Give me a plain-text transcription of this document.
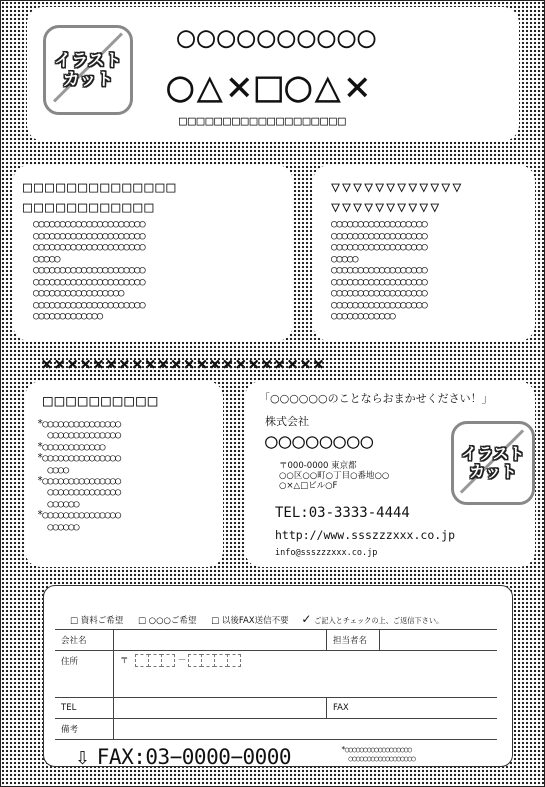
イラスト
カット
○○○○○○○○○○
○△×□○△×
□□□□□□□□□□□□□□□□□□□
□□□□□□□□□□□□□□
□□□□□□□□□□□□
○○○○○○○○○○○○○○○○○○○○○
○○○○○○○○○○○○○○○○○○○○○
○○○○○○○○○○○○○○○○○○○○○
○○○○○
○○○○○○○○○○○○○○○○○○○○○
○○○○○○○○○○○○○○○○○○○○○
○○○○○○○○○○○○○○○○○
○○○○○○○○○○○○○○○○○○○○○
○○○○○○○○○○○○○
▽▽▽▽▽▽▽▽▽▽▽▽
▽▽▽▽▽▽▽▽▽▽
○○○○○○○○○○○○○○○○○○
○○○○○○○○○○○○○○○○○○
○○○○○○○○○○○○○○○○○○
○○○○○
○○○○○○○○○○○○○○○○○○
○○○○○○○○○○○○○○○○○○
○○○○○○○○○○○○○○○○○○
○○○○○○○○○○○○○○○○○○
○○○○○○○○○○○○
××××××××××××××××××××××
□□□□□□□□□□
*○○○○○○○○○○○○○○○
○○○○○○○○○○○○○○
*○○○○○○○○○○○○
*○○○○○○○○○○○○○○○
○○○○
*○○○○○○○○○○○○○○○
○○○○○○○○○○○○○○
○○○○○○
*○○○○○○○○○○○○○○○
○○○○○○
「○○○○○○のことならおまかせください！」
株式会社
○○○○○○○○
〒000-0000 東京都
○○区○○町○丁目○番地○○
○×△□ビル○F
TEL:03-3333-4444
http://www.ssszzzxxx.co.jp
info@ssszzzxxx.co.jp
イラスト
カット
□ 資料ご希望 □ ○○○ご希望 □ 以後FAX送信不要 ✓ ご記入とチェックの上、ご返信下さい。
会社名		担当者名	
住所	〒 －		
TEL		FAX	
備考			
⇩ FAX:03−0000−0000	*○○○○○○○○○○○○○○○○○○
○○○○○○○○○○○○○○○○○○
